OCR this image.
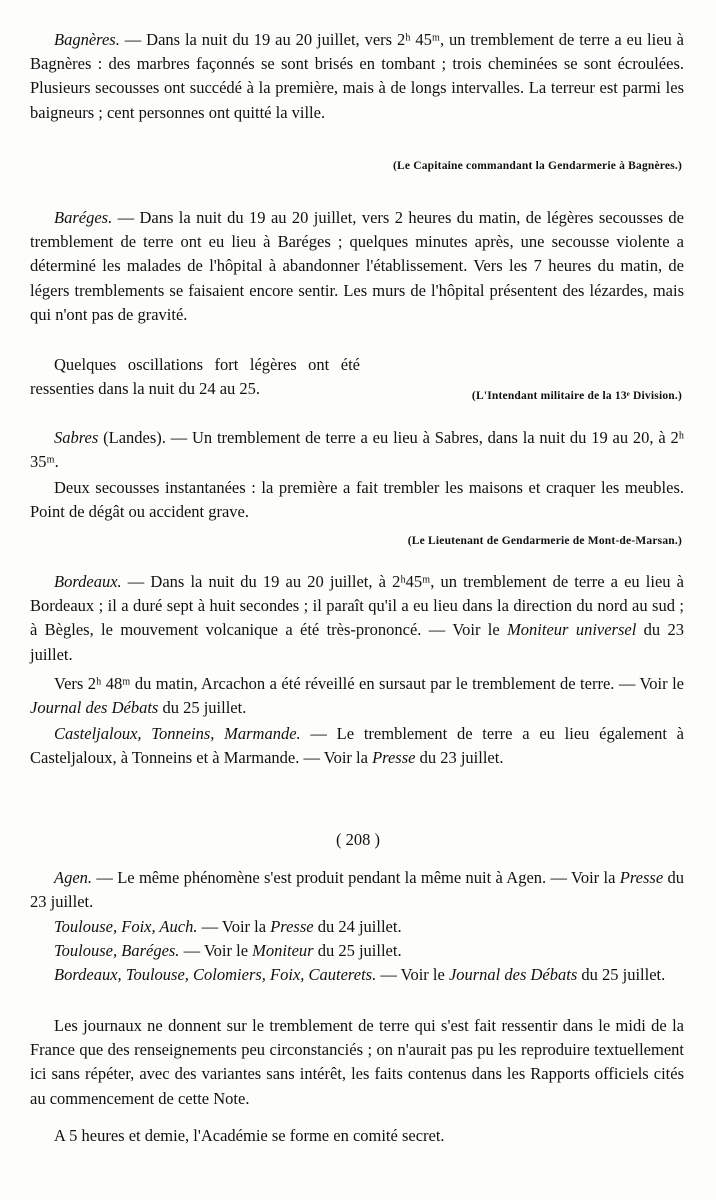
Bagnères. — Dans la nuit du 19 au 20 juillet, vers 2ʰ 45ᵐ, un tremblement de terre a eu lieu à Bagnères : des marbres façonnés se sont brisés en tombant ; trois cheminées se sont écroulées. Plusieurs secousses ont succédé à la première, mais à de longs intervalles. La terreur est parmi les baigneurs ; cent personnes ont quitté la ville.

(Le Capitaine commandant la Gendarmerie à Bagnères.)

Baréges. — Dans la nuit du 19 au 20 juillet, vers 2 heures du matin, de légères secousses de tremblement de terre ont eu lieu à Baréges ; quelques minutes après, une secousse violente a déterminé les malades de l'hôpital à abandonner l'établissement. Vers les 7 heures du matin, de légers tremblements se faisaient encore sentir. Les murs de l'hôpital présentent des lézardes, mais qui n'ont pas de gravité.

Quelques oscillations fort légères ont été ressenties dans la nuit du 24 au 25.	(L'Intendant militaire de la 13ᵉ Division.)

Sabres (Landes). — Un tremblement de terre a eu lieu à Sabres, dans la nuit du 19 au 20, à 2ʰ 35ᵐ.

Deux secousses instantanées : la première a fait trembler les maisons et craquer les meubles. Point de dégât ou accident grave.

(Le Lieutenant de Gendarmerie de Mont-de-Marsan.)

Bordeaux. — Dans la nuit du 19 au 20 juillet, à 2ʰ45ᵐ, un tremblement de terre a eu lieu à Bordeaux ; il a duré sept à huit secondes ; il paraît qu'il a eu lieu dans la direction du nord au sud ; à Bègles, le mouvement volcanique a été très-prononcé. — Voir le Moniteur universel du 23 juillet.

Vers 2ʰ 48ᵐ du matin, Arcachon a été réveillé en sursaut par le tremblement de terre. — Voir le Journal des Débats du 25 juillet.

Casteljaloux, Tonneins, Marmande. — Le tremblement de terre a eu lieu également à Casteljaloux, à Tonneins et à Marmande. — Voir la Presse du 23 juillet.

( 208 )

Agen. — Le même phénomène s'est produit pendant la même nuit à Agen. — Voir la Presse du 23 juillet.

Toulouse, Foix, Auch. — Voir la Presse du 24 juillet.

Toulouse, Baréges. — Voir le Moniteur du 25 juillet.

Bordeaux, Toulouse, Colomiers, Foix, Cauterets. — Voir le Journal des Débats du 25 juillet.

Les journaux ne donnent sur le tremblement de terre qui s'est fait ressentir dans le midi de la France que des renseignements peu circonstanciés ; on n'aurait pas pu les reproduire textuellement ici sans répéter, avec des variantes sans intérêt, les faits contenus dans les Rapports officiels cités au commencement de cette Note.

A 5 heures et demie, l'Académie se forme en comité secret.
